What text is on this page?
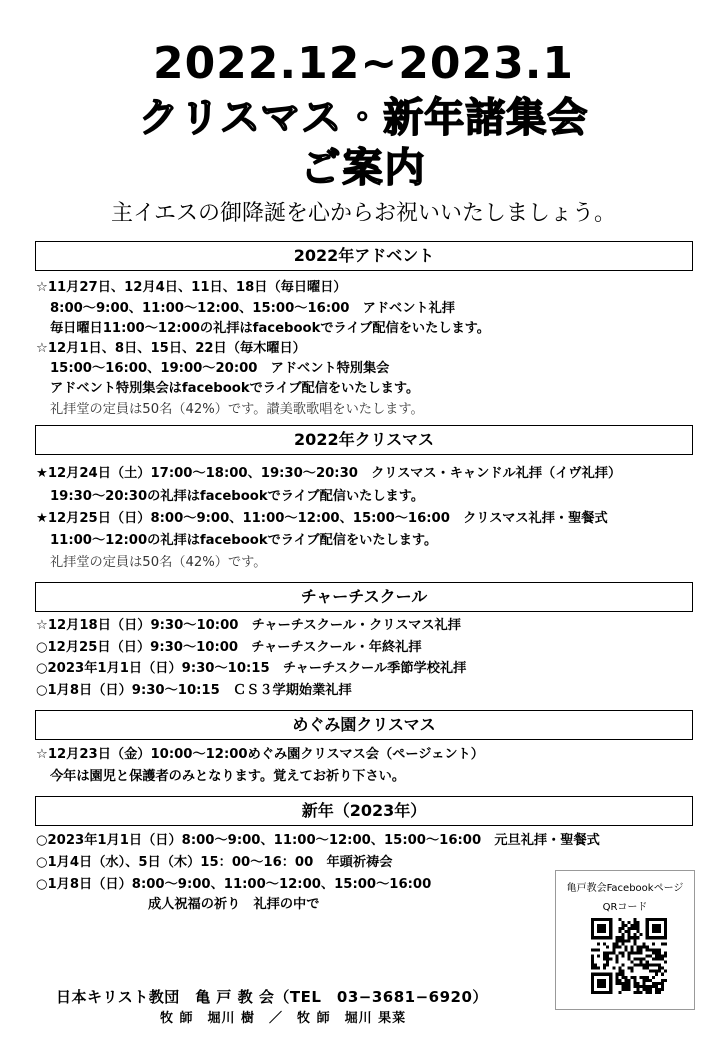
2022.12~2023.1
クリスマス・新年諸集会
ご案内
主イエスの御降誕を心からお祝いいたしましょう。
2022年アドベント
☆11月27日、12月4日、11日、18日（毎日曜日）
8:00～9:00、11:00～12:00、15:00～16:00　アドベント礼拝
毎日曜日11:00～12:00の礼拝はfacebookでライブ配信をいたします。
☆12月1日、8日、15日、22日（毎木曜日）
15:00～16:00、19:00～20:00　アドベント特別集会
アドベント特別集会はfacebookでライブ配信をいたします。
礼拝堂の定員は50名（42%）です。讃美歌歌唱をいたします。
2022年クリスマス
★12月24日（土）17:00～18:00、19:30～20:30　クリスマス・キャンドル礼拝（イヴ礼拝）
19:30～20:30の礼拝はfacebookでライブ配信いたします。
★12月25日（日）8:00～9:00、11:00～12:00、15:00～16:00　クリスマス礼拝・聖餐式
11:00～12:00の礼拝はfacebookでライブ配信をいたします。
礼拝堂の定員は50名（42%）です。
チャーチスクール
☆12月18日（日）9:30～10:00　チャーチスクール・クリスマス礼拝
○12月25日（日）9:30～10:00　チャーチスクール・年終礼拝
○2023年1月1日（日）9:30～10:15　チャーチスクール季節学校礼拝
○1月8日（日）9:30～10:15　ＣＳ３学期始業礼拝
めぐみ園クリスマス
☆12月23日（金）10:00～12:00めぐみ園クリスマス会（ページェント）
今年は園児と保護者のみとなります。覚えてお祈り下さい。
新年（2023年）
○2023年1月1日（日）8:00～9:00、11:00～12:00、15:00～16:00　元旦礼拝・聖餐式
○1月4日（水）、5日（木）15：00～16：00　年頭祈祷会
○1月8日（日）8:00～9:00、11:00～12:00、15:00～16:00
成人祝福の祈り　礼拝の中で
亀戸教会Facebookページ
QRコード
日本キリスト教団　亀 戸 教 会（TEL　03−3681−6920）
牧 師　堀川 樹　／　牧 師　堀川 果菜
